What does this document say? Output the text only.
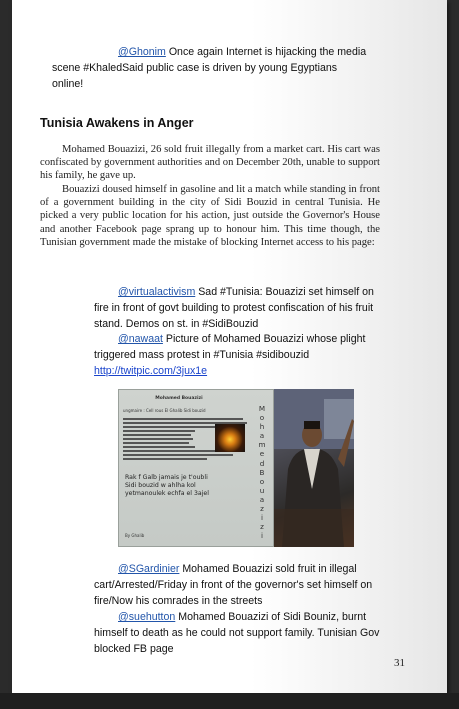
@Ghonim Once again Internet is hijacking the media
scene #KhaledSaid public case is driven by young Egyptians
online!
Tunisia Awakens in Anger
Mohamed Bouazizi, 26 sold fruit illegally from a market cart. His cart was confiscated by government authorities and on December 20th, unable to support his family, he gave up.
Bouazizi doused himself in gasoline and lit a match while standing in front of a government building in the city of Sidi Bouzid in central Tunisia. He picked a very public location for his action, just outside the Governor's House and another Facebook page sprang up to honour him. This time though, the Tunisian government made the mistake of blocking Internet access to his page:
@virtualactivism Sad #Tunisia: Bouazizi set himself on
fire in front of govt building to protest confiscation of his fruit
stand. Demos on st. in #SidiBouzid
@nawaat Picture of Mohamed Bouazizi whose plight
triggered mass protest in #Tunisia #sidibouzid
http://twitpic.com/3jux1e
Mohamed Bouazizi
ungmaire : Cell rous El Ghalib Sidi bouzid
Rak f Galb jamais je t'oubli
Sidi bouzid w ahlha kol
yetmanoulek echfa el 3ajel
By Ghalib
M
o
h
a
m
e
d
B
o
u
a
z
i
z
i
@SGardinier Mohamed Bouazizi sold fruit in illegal
cart/Arrested/Friday in front of the governor's set himself on
fire/Now his comrades in the streets
@suehutton Mohamed Bouazizi of Sidi Bouniz, burnt
himself to death as he could not support family. Tunisian Gov
blocked FB page
31
